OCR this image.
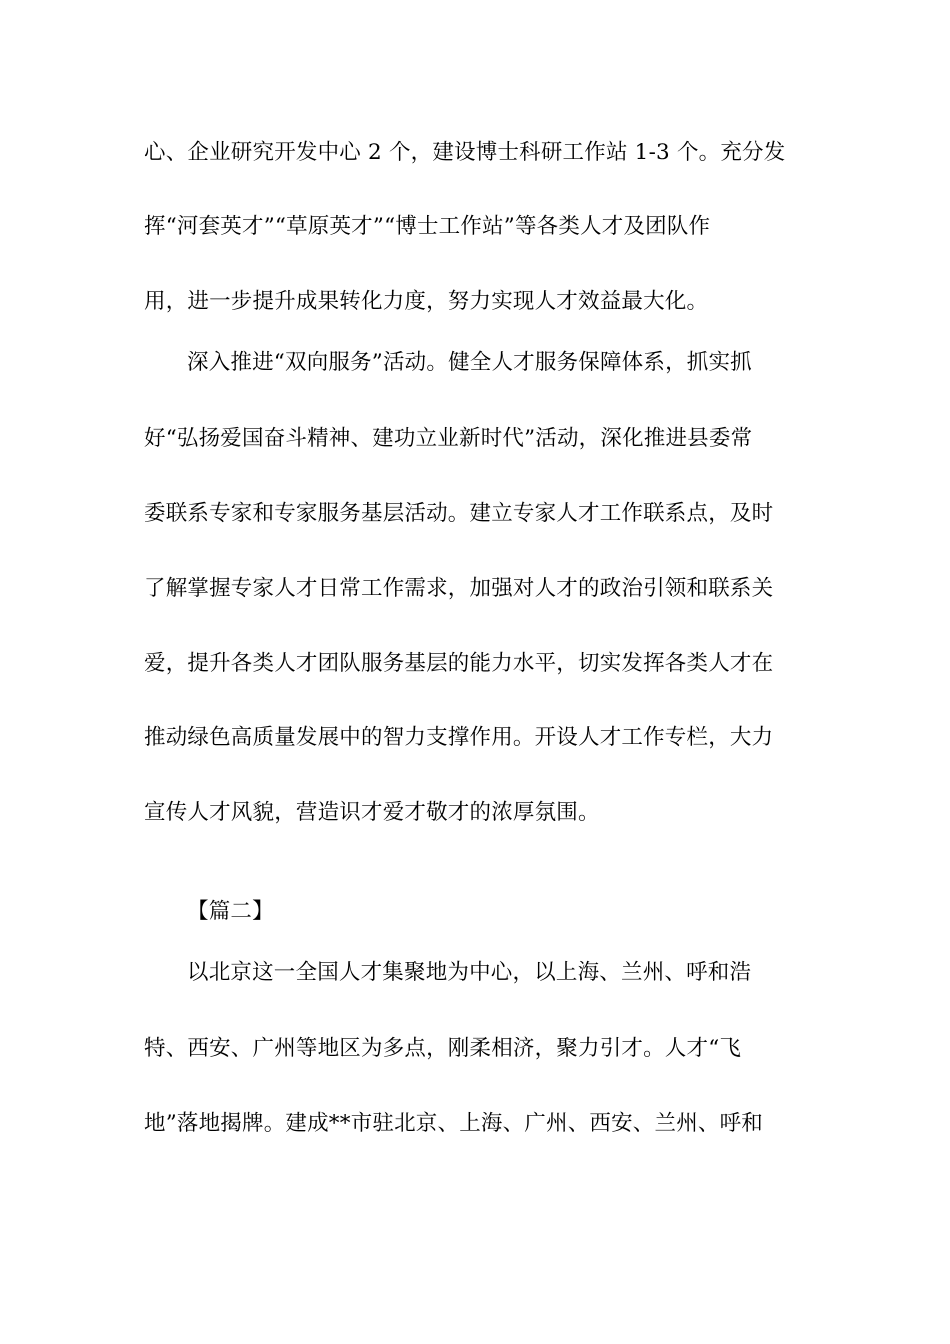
心、企业研究开发中心 2 个，建设博士科研工作站 1-3 个。充分发
挥“河套英才”“草原英才”“博士工作站”等各类人才及团队作
用，进一步提升成果转化力度，努力实现人才效益最大化。
深入推进“双向服务”活动。健全人才服务保障体系，抓实抓
好“弘扬爱国奋斗精神、建功立业新时代”活动，深化推进县委常
委联系专家和专家服务基层活动。建立专家人才工作联系点，及时
了解掌握专家人才日常工作需求，加强对人才的政治引领和联系关
爱，提升各类人才团队服务基层的能力水平，切实发挥各类人才在
推动绿色高质量发展中的智力支撑作用。开设人才工作专栏，大力
宣传人才风貌，营造识才爱才敬才的浓厚氛围。
【篇二】
以北京这一全国人才集聚地为中心，以上海、兰州、呼和浩
特、西安、广州等地区为多点，刚柔相济，聚力引才。人才“飞
地”落地揭牌。建成**市驻北京、上海、广州、西安、兰州、呼和
